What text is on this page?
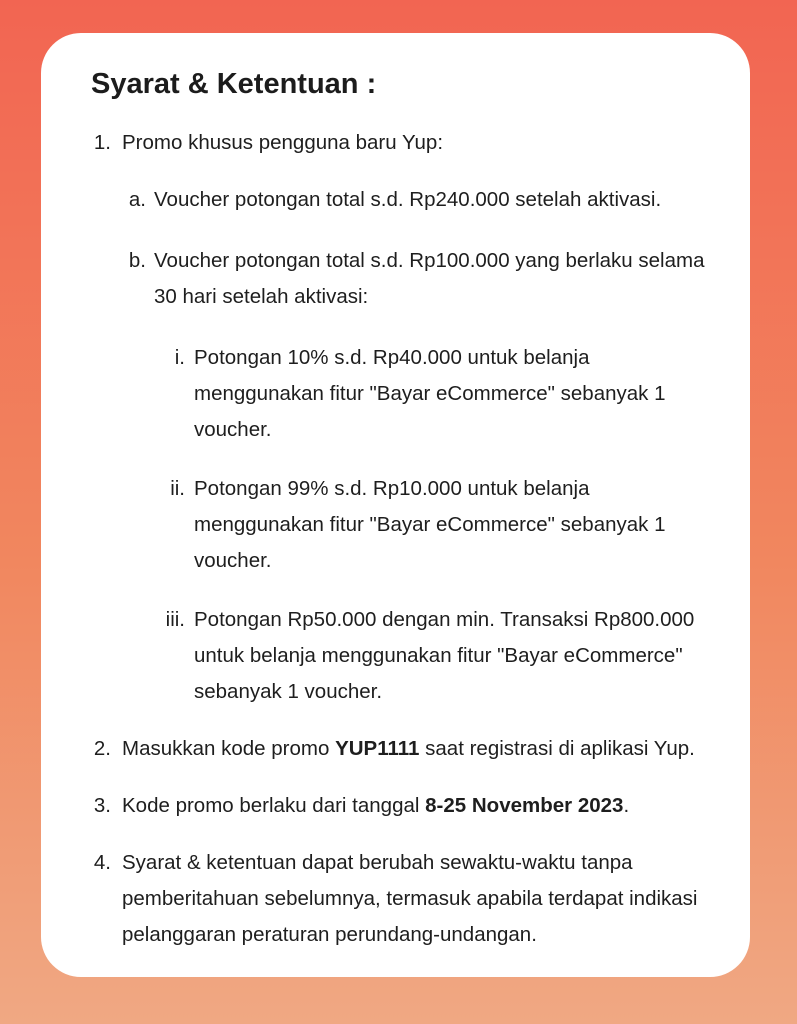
Syarat & Ketentuan :
1. Promo khusus pengguna baru Yup:
a. Voucher potongan total s.d. Rp240.000 setelah aktivasi.
b. Voucher potongan total s.d. Rp100.000 yang berlaku selama 30 hari setelah aktivasi:
i. Potongan 10% s.d. Rp40.000 untuk belanja menggunakan fitur "Bayar eCommerce" sebanyak 1 voucher.
ii. Potongan 99% s.d. Rp10.000 untuk belanja menggunakan fitur "Bayar eCommerce" sebanyak 1 voucher.
iii. Potongan Rp50.000 dengan min. Transaksi Rp800.000 untuk belanja menggunakan fitur "Bayar eCommerce" sebanyak 1 voucher.
2. Masukkan kode promo YUP1111 saat registrasi di aplikasi Yup.
3. Kode promo berlaku dari tanggal 8-25 November 2023.
4. Syarat & ketentuan dapat berubah sewaktu-waktu tanpa pemberitahuan sebelumnya, termasuk apabila terdapat indikasi pelanggaran peraturan perundang-undangan.
